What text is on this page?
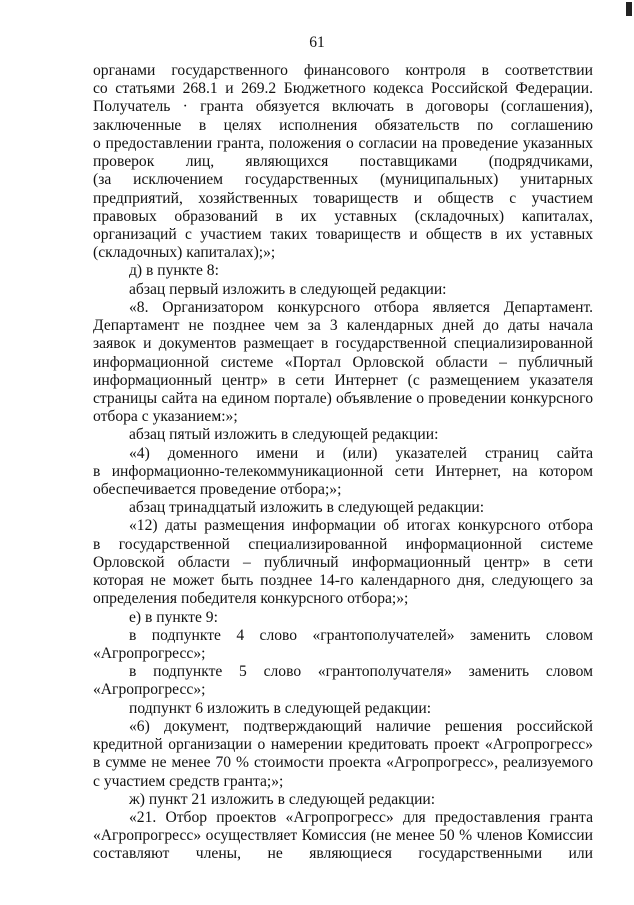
61
органами государственного финансового контроля в соответствии
со статьями 268.1 и 269.2 Бюджетного кодекса Российской Федерации.
Получатель · гранта обязуется включать в договоры (соглашения),
заключенные в целях исполнения обязательств по соглашению
о предоставлении гранта, положения о согласии на проведение указанных
проверок лиц, являющихся поставщиками (подрядчиками,
(за исключением государственных (муниципальных) унитарных
предприятий, хозяйственных товариществ и обществ с участием
правовых образований в их уставных (складочных) капиталах,
организаций с участием таких товариществ и обществ в их уставных
(складочных) капиталах);»;
д) в пункте 8:
абзац первый изложить в следующей редакции:
«8. Организатором конкурсного отбора является Департамент.
Департамент не позднее чем за 3 календарных дней до даты начала
заявок и документов размещает в государственной специализированной
информационной системе «Портал Орловской области – публичный
информационный центр» в сети Интернет (с размещением указателя
страницы сайта на едином портале) объявление о проведении конкурсного
отбора с указанием:»;
абзац пятый изложить в следующей редакции:
«4) доменного имени и (или) указателей страниц сайта
в информационно-телекоммуникационной сети Интернет, на котором
обеспечивается проведение отбора;»;
абзац тринадцатый изложить в следующей редакции:
«12) даты размещения информации об итогах конкурсного отбора
в государственной специализированной информационной системе
Орловской области – публичный информационный центр» в сети
которая не может быть позднее 14-го календарного дня, следующего за
определения победителя конкурсного отбора;»;
е) в пункте 9:
в подпункте 4 слово «грантополучателей» заменить словом
«Агропрогресс»;
в подпункте 5 слово «грантополучателя» заменить словом
«Агропрогресс»;
подпункт 6 изложить в следующей редакции:
«6) документ, подтверждающий наличие решения российской
кредитной организации о намерении кредитовать проект «Агропрогресс»
в сумме не менее 70 % стоимости проекта «Агропрогресс», реализуемого
с участием средств гранта;»;
ж) пункт 21 изложить в следующей редакции:
«21. Отбор проектов «Агропрогресс» для предоставления гранта
«Агропрогресс» осуществляет Комиссия (не менее 50 % членов Комиссии
составляют члены, не являющиеся государственными или
